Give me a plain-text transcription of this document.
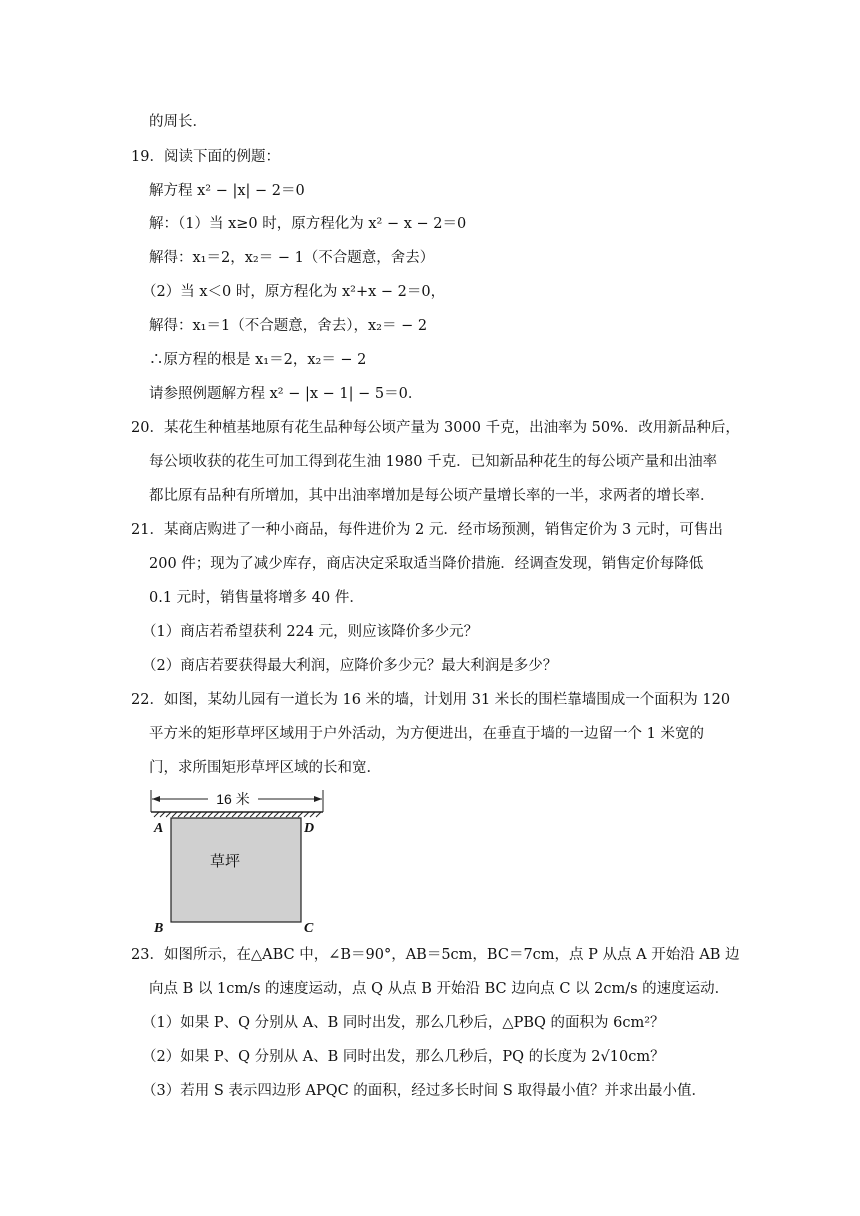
的周长．
19．阅读下面的例题：
解方程 x² − |x| − 2＝0
解：（1）当 x≥0 时，原方程化为 x² − x − 2＝0
解得：x₁＝2，x₂＝ − 1（不合题意，舍去）
（2）当 x＜0 时，原方程化为 x²+x − 2＝0，
解得：x₁＝1（不合题意，舍去），x₂＝ − 2
∴原方程的根是 x₁＝2，x₂＝ − 2
请参照例题解方程 x² − |x − 1| − 5＝0．
20．某花生种植基地原有花生品种每公顷产量为 3000 千克，出油率为 50%．改用新品种后，
每公顷收获的花生可加工得到花生油 1980 千克．已知新品种花生的每公顷产量和出油率
都比原有品种有所增加，其中出油率增加是每公顷产量增长率的一半，求两者的增长率．
21．某商店购进了一种小商品，每件进价为 2 元．经市场预测，销售定价为 3 元时，可售出
200 件；现为了减少库存，商店决定采取适当降价措施．经调查发现，销售定价每降低
0.1 元时，销售量将增多 40 件．
（1）商店若希望获利 224 元，则应该降价多少元？
（2）商店若要获得最大利润，应降价多少元？最大利润是多少？
22．如图，某幼儿园有一道长为 16 米的墙，计划用 31 米长的围栏靠墙围成一个面积为 120
平方米的矩形草坪区域用于户外活动，为方便进出，在垂直于墙的一边留一个 1 米宽的
门，求所围矩形草坪区域的长和宽．
16 米
草坪
A	D
B	C
23．如图所示，在△ABC 中，∠B＝90°，AB＝5cm，BC＝7cm，点 P 从点 A 开始沿 AB 边
向点 B 以 1cm/s 的速度运动，点 Q 从点 B 开始沿 BC 边向点 C 以 2cm/s 的速度运动．
（1）如果 P、Q 分别从 A、B 同时出发，那么几秒后，△PBQ 的面积为 6cm²？
（2）如果 P、Q 分别从 A、B 同时出发，那么几秒后，PQ 的长度为 2√10cm？
（3）若用 S 表示四边形 APQC 的面积，经过多长时间 S 取得最小值？并求出最小值．
